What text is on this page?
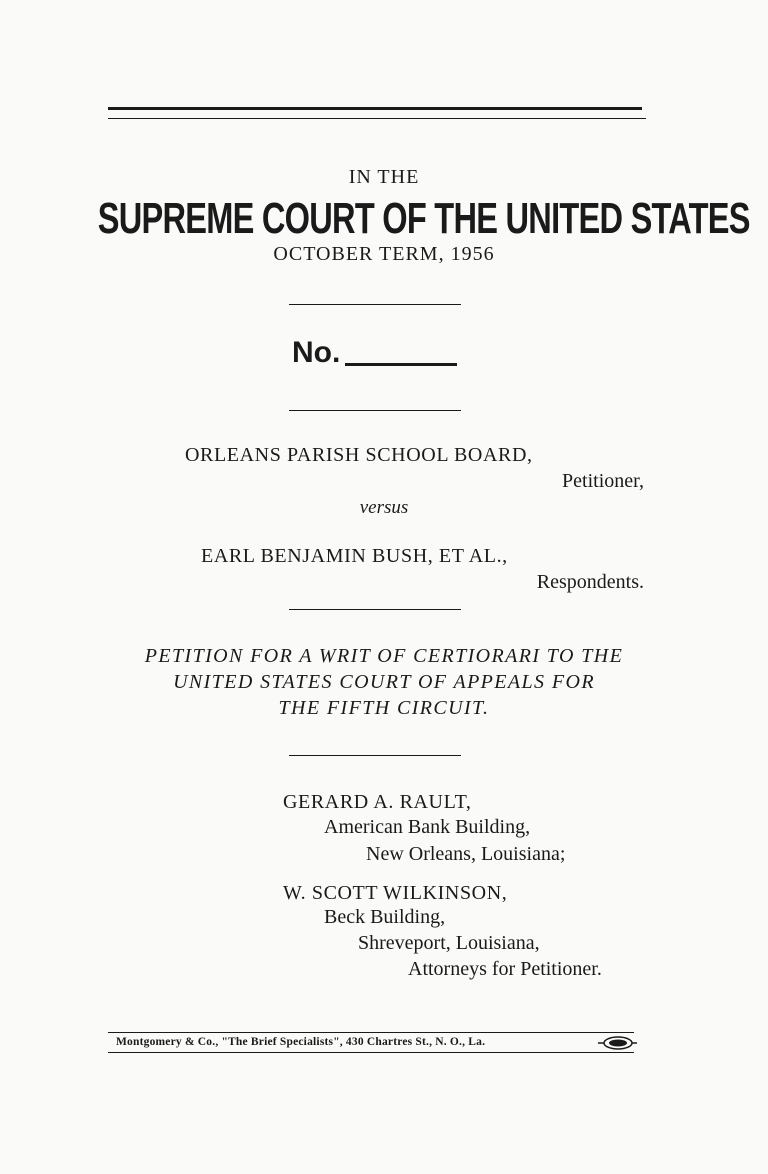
IN THE
SUPREME COURT OF THE UNITED STATES
OCTOBER TERM, 1956
No.
ORLEANS PARISH SCHOOL BOARD,
Petitioner,
versus
EARL BENJAMIN BUSH, ET AL.,
Respondents.
PETITION FOR A WRIT OF CERTIORARI TO THE
UNITED STATES COURT OF APPEALS FOR
THE FIFTH CIRCUIT.
GERARD A. RAULT,
American Bank Building,
New Orleans, Louisiana;
W. SCOTT WILKINSON,
Beck Building,
Shreveport, Louisiana,
Attorneys for Petitioner.
Montgomery & Co., "The Brief Specialists", 430 Chartres St., N. O., La.
